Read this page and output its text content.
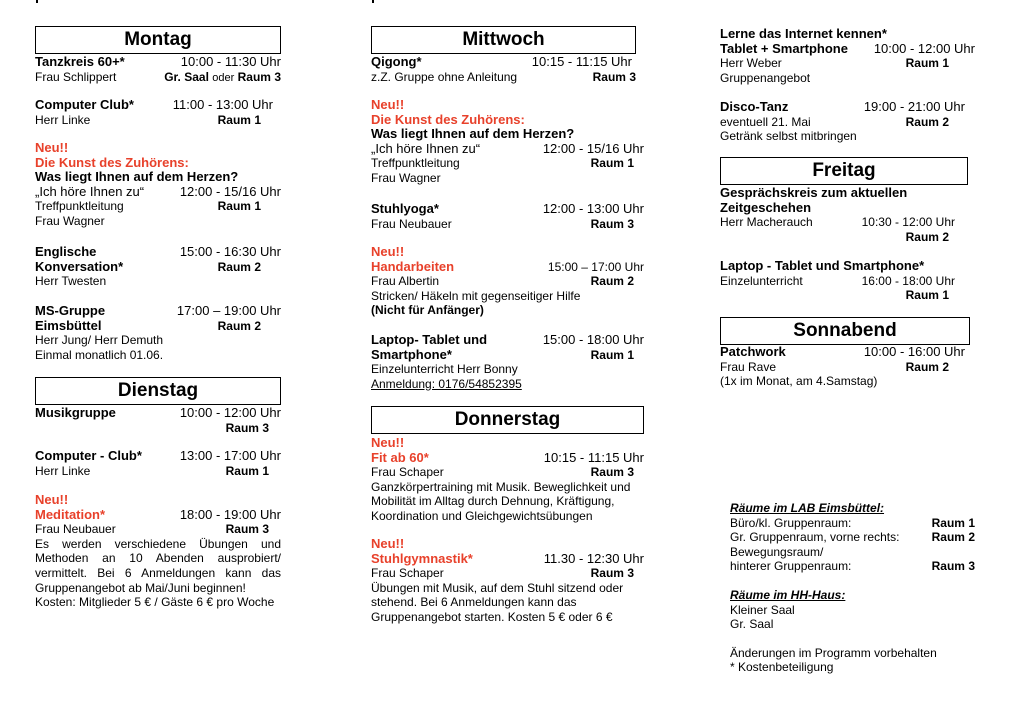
Montag
Tanzkreis 60+*	10:00 - 11:30 Uhr
Frau Schlippert	Gr. Saal oder Raum 3
Computer Club*	11:00 - 13:00 Uhr
Herr Linke	Raum 1
Neu!!
Die Kunst des Zuhörens:
Was liegt Ihnen auf dem Herzen?
„Ich höre Ihnen zu“	12:00 - 15/16 Uhr
Treffpunktleitung	Raum 1
Frau Wagner
Englische	15:00 - 16:30 Uhr
Konversation*	Raum 2
Herr Twesten
MS-Gruppe	17:00 – 19:00 Uhr
Eimsbüttel	Raum 2
Herr Jung/ Herr Demuth
Einmal monatlich 01.06.
Dienstag
Musikgruppe	10:00 - 12:00 Uhr
Raum 3
Computer - Club*	13:00 - 17:00 Uhr
Herr Linke	Raum 1
Neu!!
Meditation*	18:00 - 19:00 Uhr
Frau Neubauer	Raum 3
Es werden verschiedene Übungen und Methoden an 10 Abenden ausprobiert/ vermittelt. Bei 6 Anmeldungen kann das Gruppenangebot ab Mai/Juni beginnen!
Kosten: Mitglieder 5 € / Gäste 6 € pro Woche
Mittwoch
Qigong*	10:15 - 11:15 Uhr
z.Z. Gruppe ohne Anleitung	Raum 3
Neu!!
Die Kunst des Zuhörens:
Was liegt Ihnen auf dem Herzen?
„Ich höre Ihnen zu“	12:00 - 15/16 Uhr
Treffpunktleitung	Raum 1
Frau Wagner
Stuhlyoga*	12:00 - 13:00 Uhr
Frau Neubauer	Raum 3
Neu!!
Handarbeiten	15:00 – 17:00 Uhr
Frau Albertin	Raum 2
Stricken/ Häkeln mit gegenseitiger Hilfe
(Nicht für Anfänger)
Laptop- Tablet und	15:00 - 18:00 Uhr
Smartphone*	Raum 1
Einzelunterricht Herr Bonny
Anmeldung: 0176/54852395
Donnerstag
Neu!!
Fit ab 60*	10:15 - 11:15 Uhr
Frau Schaper	Raum 3
Ganzkörpertraining mit Musik. Beweglichkeit und Mobilität im Alltag durch Dehnung, Kräftigung, Koordination und Gleichgewichtsübungen
Neu!!
Stuhlgymnastik*	11.30 - 12:30 Uhr
Frau Schaper	Raum 3
Übungen mit Musik, auf dem Stuhl sitzend oder stehend. Bei 6 Anmeldungen kann das Gruppenangebot starten. Kosten 5 € oder 6 €
Lerne das Internet kennen*
Tablet + Smartphone 10:00 - 12:00 Uhr
Herr Weber	Raum 1
Gruppenangebot
Disco-Tanz	19:00 - 21:00 Uhr
eventuell 21. Mai	Raum 2
Getränk selbst mitbringen
Freitag
Gesprächskreis zum aktuellen
Zeitgeschehen
Herr Macherauch	10:30 - 12:00 Uhr
Raum 2
Laptop - Tablet und Smartphone*
Einzelunterricht	16:00 - 18:00 Uhr
Raum 1
Sonnabend
Patchwork	10:00 - 16:00 Uhr
Frau Rave	Raum 2
(1x im Monat, am 4.Samstag)
Räume im LAB Eimsbüttel:
Büro/kl. Gruppenraum:	Raum 1
Gr. Gruppenraum, vorne rechts:	Raum 2
Bewegungsraum/
hinterer Gruppenraum:	Raum 3
Räume im HH-Haus:
Kleiner Saal
Gr. Saal
Änderungen im Programm vorbehalten
* Kostenbeteiligung
